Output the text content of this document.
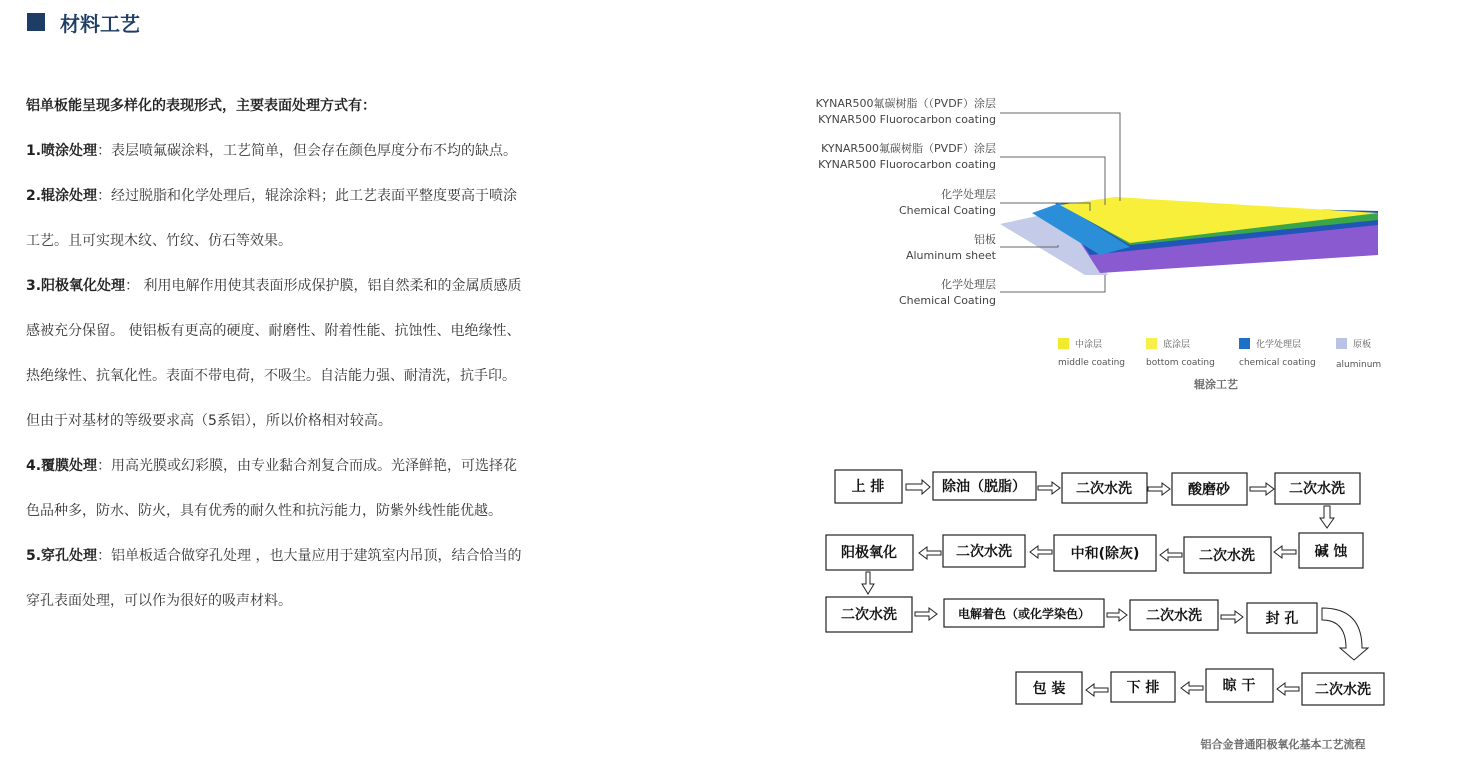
材料工艺

铝单板能呈现多样化的表现形式，主要表面处理方式有：

1.喷涂处理：表层喷氟碳涂料，工艺简单，但会存在颜色厚度分布不均的缺点。

2.辊涂处理：经过脱脂和化学处理后，辊涂涂料；此工艺表面平整度要高于喷涂

工艺。且可实现木纹、竹纹、仿石等效果。

3.阳极氧化处理： 利用电解作用使其表面形成保护膜，铝自然柔和的金属质感质

感被充分保留。 使铝板有更高的硬度、耐磨性、附着性能、抗蚀性、电绝缘性、

热绝缘性、抗氧化性。表面不带电荷，不吸尘。自洁能力强、耐清洗，抗手印。

但由于对基材的等级要求高（5系铝），所以价格相对较高。

4.覆膜处理：用高光膜或幻彩膜，由专业黏合剂复合而成。光泽鲜艳，可选择花

色品种多，防水、防火，具有优秀的耐久性和抗污能力，防紫外线性能优越。

5.穿孔处理：铝单板适合做穿孔处理 ，也大量应用于建筑室内吊顶，结合恰当的

穿孔表面处理，可以作为很好的吸声材料。

KYNAR500氟碳树脂（（PVDF）涂层
KYNAR500 Fluorocarbon coating
KYNAR500氟碳树脂（PVDF）涂层
KYNAR500 Fluorocarbon coating
化学处理层
Chemical Coating
铝板
Aluminum sheet
化学处理层
Chemical Coating
中涂层
middle coating
底涂层
bottom coating
化学处理层
chemical coating
原板
aluminum
辊涂工艺
上 排	除油（脱脂）	二次水洗	酸磨砂	二次水洗
阳极氧化	二次水洗	中和(除灰)	二次水洗	碱 蚀
二次水洗	电解着色（或化学染色）	二次水洗	封 孔
包 装	下 排	晾 干	二次水洗
铝合金普通阳极氧化基本工艺流程
